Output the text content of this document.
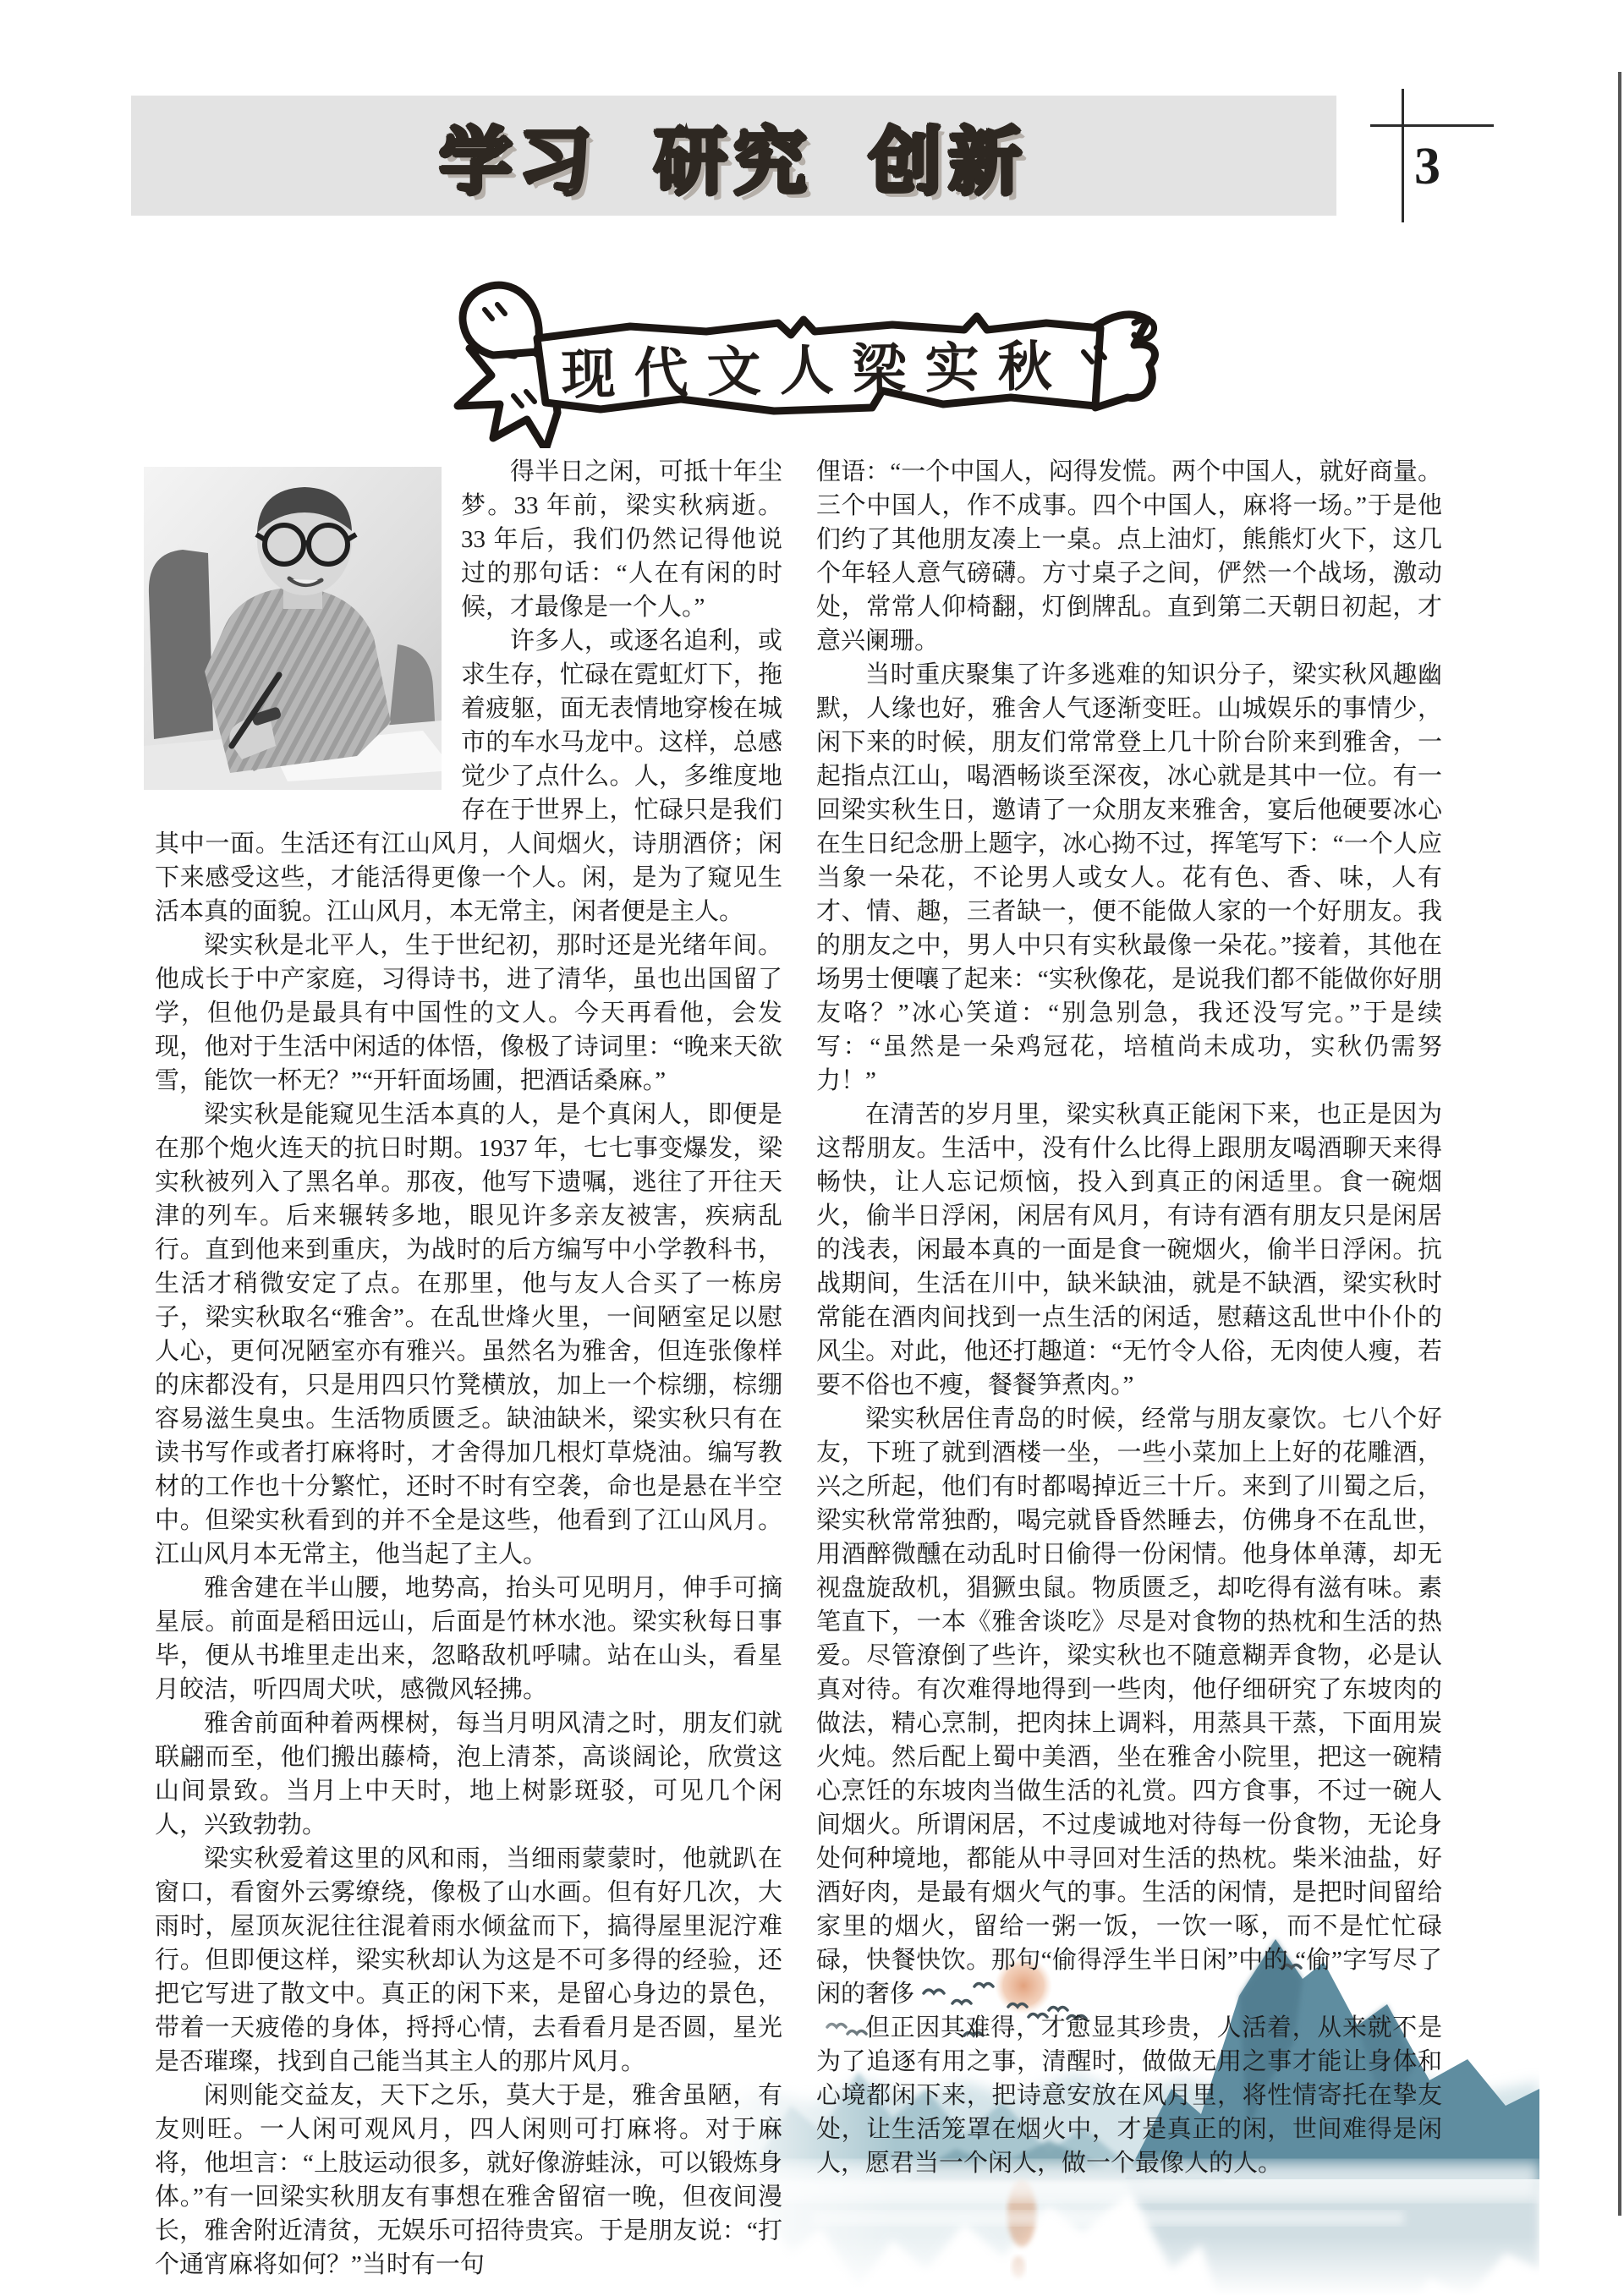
学习 研究 创新	3
现代文人梁实秋

得半日之闲，可抵十年尘梦。33 年前，梁实秋病逝。33 年后，我们仍然记得他说过的那句话：“人在有闲的时候，才最像是一个人。”

许多人，或逐名追利，或求生存，忙碌在霓虹灯下，拖着疲躯，面无表情地穿梭在城市的车水马龙中。这样，总感觉少了点什么。人，多维度地存在于世界上，忙碌只是我们其中一面。生活还有江山风月，人间烟火，诗朋酒侪；闲下来感受这些，才能活得更像一个人。闲，是为了窥见生活本真的面貌。江山风月，本无常主，闲者便是主人。

梁实秋是北平人，生于世纪初，那时还是光绪年间。他成长于中产家庭，习得诗书，进了清华，虽也出国留了学，但他仍是最具有中国性的文人。今天再看他，会发现，他对于生活中闲适的体悟，像极了诗词里：“晚来天欲雪，能饮一杯无？”“开轩面场圃，把酒话桑麻。”

梁实秋是能窥见生活本真的人，是个真闲人，即便是在那个炮火连天的抗日时期。1937 年，七七事变爆发，梁实秋被列入了黑名单。那夜，他写下遗嘱，逃往了开往天津的列车。后来辗转多地，眼见许多亲友被害，疾病乱行。直到他来到重庆，为战时的后方编写中小学教科书，生活才稍微安定了点。在那里，他与友人合买了一栋房子，梁实秋取名“雅舍”。在乱世烽火里，一间陋室足以慰人心，更何况陋室亦有雅兴。虽然名为雅舍，但连张像样的床都没有，只是用四只竹凳横放，加上一个棕绷，棕绷容易滋生臭虫。生活物质匮乏。缺油缺米，梁实秋只有在读书写作或者打麻将时，才舍得加几根灯草烧油。编写教材的工作也十分繁忙，还时不时有空袭，命也是悬在半空中。但梁实秋看到的并不全是这些，他看到了江山风月。江山风月本无常主，他当起了主人。

雅舍建在半山腰，地势高，抬头可见明月，伸手可摘星辰。前面是稻田远山，后面是竹林水池。梁实秋每日事毕，便从书堆里走出来，忽略敌机呼啸。站在山头，看星月皎洁，听四周犬吠，感微风轻拂。

雅舍前面种着两棵树，每当月明风清之时，朋友们就联翩而至，他们搬出藤椅，泡上清茶，高谈阔论，欣赏这山间景致。当月上中天时，地上树影斑驳，可见几个闲人，兴致勃勃。

梁实秋爱着这里的风和雨，当细雨蒙蒙时，他就趴在窗口，看窗外云雾缭绕，像极了山水画。但有好几次，大雨时，屋顶灰泥往往混着雨水倾盆而下，搞得屋里泥泞难行。但即便这样，梁实秋却认为这是不可多得的经验，还把它写进了散文中。真正的闲下来，是留心身边的景色，带着一天疲倦的身体，捋捋心情，去看看月是否圆，星光是否璀璨，找到自己能当其主人的那片风月。

闲则能交益友，天下之乐，莫大于是，雅舍虽陋，有友则旺。一人闲可观风月，四人闲则可打麻将。对于麻将，他坦言：“上肢运动很多，就好像游蛙泳，可以锻炼身体。”有一回梁实秋朋友有事想在雅舍留宿一晚，但夜间漫长，雅舍附近清贫，无娱乐可招待贵宾。于是朋友说：“打个通宵麻将如何？”当时有一句

俚语：“一个中国人，闷得发慌。两个中国人，就好商量。三个中国人，作不成事。四个中国人，麻将一场。”于是他们约了其他朋友凑上一桌。点上油灯，熊熊灯火下，这几个年轻人意气磅礴。方寸桌子之间，俨然一个战场，激动处，常常人仰椅翻，灯倒牌乱。直到第二天朝日初起，才意兴阑珊。

当时重庆聚集了许多逃难的知识分子，梁实秋风趣幽默，人缘也好，雅舍人气逐渐变旺。山城娱乐的事情少，闲下来的时候，朋友们常常登上几十阶台阶来到雅舍，一起指点江山，喝酒畅谈至深夜，冰心就是其中一位。有一回梁实秋生日，邀请了一众朋友来雅舍，宴后他硬要冰心在生日纪念册上题字，冰心拗不过，挥笔写下：“一个人应当象一朵花，不论男人或女人。花有色、香、味，人有才、情、趣，三者缺一，便不能做人家的一个好朋友。我的朋友之中，男人中只有实秋最像一朵花。”接着，其他在场男士便嚷了起来：“实秋像花，是说我们都不能做你好朋友咯？”冰心笑道：“别急别急，我还没写完。”于是续写：“虽然是一朵鸡冠花，培植尚未成功，实秋仍需努力！”

在清苦的岁月里，梁实秋真正能闲下来，也正是因为这帮朋友。生活中，没有什么比得上跟朋友喝酒聊天来得畅快，让人忘记烦恼，投入到真正的闲适里。食一碗烟火，偷半日浮闲，闲居有风月，有诗有酒有朋友只是闲居的浅表，闲最本真的一面是食一碗烟火，偷半日浮闲。抗战期间，生活在川中，缺米缺油，就是不缺酒，梁实秋时常能在酒肉间找到一点生活的闲适，慰藉这乱世中仆仆的风尘。对此，他还打趣道：“无竹令人俗，无肉使人瘦，若要不俗也不瘦，餐餐笋煮肉。”

梁实秋居住青岛的时候，经常与朋友豪饮。七八个好友，下班了就到酒楼一坐，一些小菜加上上好的花雕酒，兴之所起，他们有时都喝掉近三十斤。来到了川蜀之后，梁实秋常常独酌，喝完就昏昏然睡去，仿佛身不在乱世，用酒醉微醺在动乱时日偷得一份闲情。他身体单薄，却无视盘旋敌机，猖獗虫鼠。物质匮乏，却吃得有滋有味。素笔直下，一本《雅舍谈吃》尽是对食物的热枕和生活的热爱。尽管潦倒了些许，梁实秋也不随意糊弄食物，必是认真对待。有次难得地得到一些肉，他仔细研究了东坡肉的做法，精心烹制，把肉抹上调料，用蒸具干蒸，下面用炭火炖。然后配上蜀中美酒，坐在雅舍小院里，把这一碗精心烹饪的东坡肉当做生活的礼赏。四方食事，不过一碗人间烟火。所谓闲居，不过虔诚地对待每一份食物，无论身处何种境地，都能从中寻回对生活的热枕。柴米油盐，好酒好肉，是最有烟火气的事。生活的闲情，是把时间留给家里的烟火，留给一粥一饭，一饮一啄，而不是忙忙碌碌，快餐快饮。那句“偷得浮生半日闲”中的 “偷”字写尽了闲的奢侈

但正因其难得，才愈显其珍贵，人活着，从来就不是为了追逐有用之事，清醒时，做做无用之事才能让身体和心境都闲下来，把诗意安放在风月里，将性情寄托在挚友处，让生活笼罩在烟火中，才是真正的闲，世间难得是闲人，愿君当一个闲人，做一个最像人的人。
